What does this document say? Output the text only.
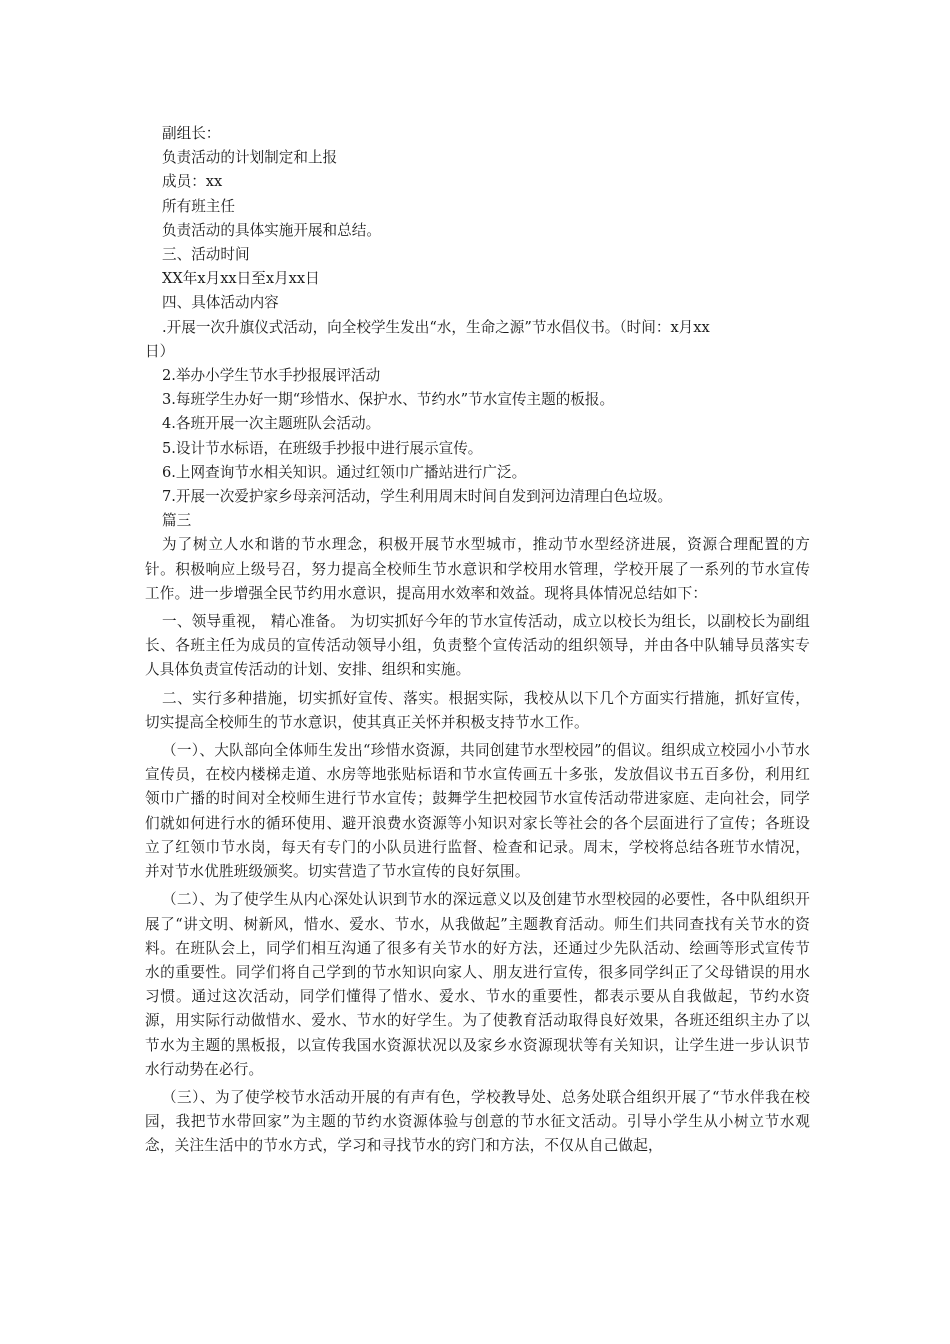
副组长：

负责活动的计划制定和上报

成员：xx

所有班主任

负责活动的具体实施开展和总结。

三、活动时间

XX年x月xx日至x月xx日

四、具体活动内容

.开展一次升旗仪式活动，向全校学生发出“水，生命之源”节水倡仪书。（时间：x月xx

日）

2.举办小学生节水手抄报展评活动

3.每班学生办好一期“珍惜水、保护水、节约水”节水宣传主题的板报。

4.各班开展一次主题班队会活动。

5.设计节水标语，在班级手抄报中进行展示宣传。

6.上网查询节水相关知识。通过红领巾广播站进行广泛。

7.开展一次爱护家乡母亲河活动，学生利用周末时间自发到河边清理白色垃圾。

篇三

为了树立人水和谐的节水理念，积极开展节水型城市，推动节水型经济进展，资源合理配置的方针。积极响应上级号召，努力提高全校师生节水意识和学校用水管理，学校开展了一系列的节水宣传工作。进一步增强全民节约用水意识，提高用水效率和效益。现将具体情况总结如下：

一、领导重视， 精心准备。 为切实抓好今年的节水宣传活动，成立以校长为组长，以副校长为副组长、各班主任为成员的宣传活动领导小组，负责整个宣传活动的组织领导，并由各中队辅导员落实专人具体负责宣传活动的计划、安排、组织和实施。

二、实行多种措施，切实抓好宣传、落实。根据实际，我校从以下几个方面实行措施，抓好宣传，切实提高全校师生的节水意识，使其真正关怀并积极支持节水工作。

（一）、大队部向全体师生发出“珍惜水资源，共同创建节水型校园”的倡议。组织成立校园小小节水宣传员，在校内楼梯走道、水房等地张贴标语和节水宣传画五十多张，发放倡议书五百多份，利用红领巾广播的时间对全校师生进行节水宣传；鼓舞学生把校园节水宣传活动带进家庭、走向社会，同学们就如何进行水的循环使用、避开浪费水资源等小知识对家长等社会的各个层面进行了宣传；各班设立了红领巾节水岗，每天有专门的小队员进行监督、检查和记录。周末，学校将总结各班节水情况，并对节水优胜班级颁奖。切实营造了节水宣传的良好氛围。

（二）、为了使学生从内心深处认识到节水的深远意义以及创建节水型校园的必要性，各中队组织开展了“讲文明、树新风，惜水、爱水、节水，从我做起”主题教育活动。师生们共同查找有关节水的资料。在班队会上，同学们相互沟通了很多有关节水的好方法，还通过少先队活动、绘画等形式宣传节水的重要性。同学们将自己学到的节水知识向家人、朋友进行宣传，很多同学纠正了父母错误的用水习惯。通过这次活动，同学们懂得了惜水、爱水、节水的重要性，都表示要从自我做起，节约水资源，用实际行动做惜水、爱水、节水的好学生。为了使教育活动取得良好效果，各班还组织主办了以节水为主题的黑板报，以宣传我国水资源状况以及家乡水资源现状等有关知识，让学生进一步认识节水行动势在必行。

（三）、为了使学校节水活动开展的有声有色，学校教导处、总务处联合组织开展了“节水伴我在校园，我把节水带回家”为主题的节约水资源体验与创意的节水征文活动。引导小学生从小树立节水观念，关注生活中的节水方式，学习和寻找节水的窍门和方法，不仅从自己做起，
